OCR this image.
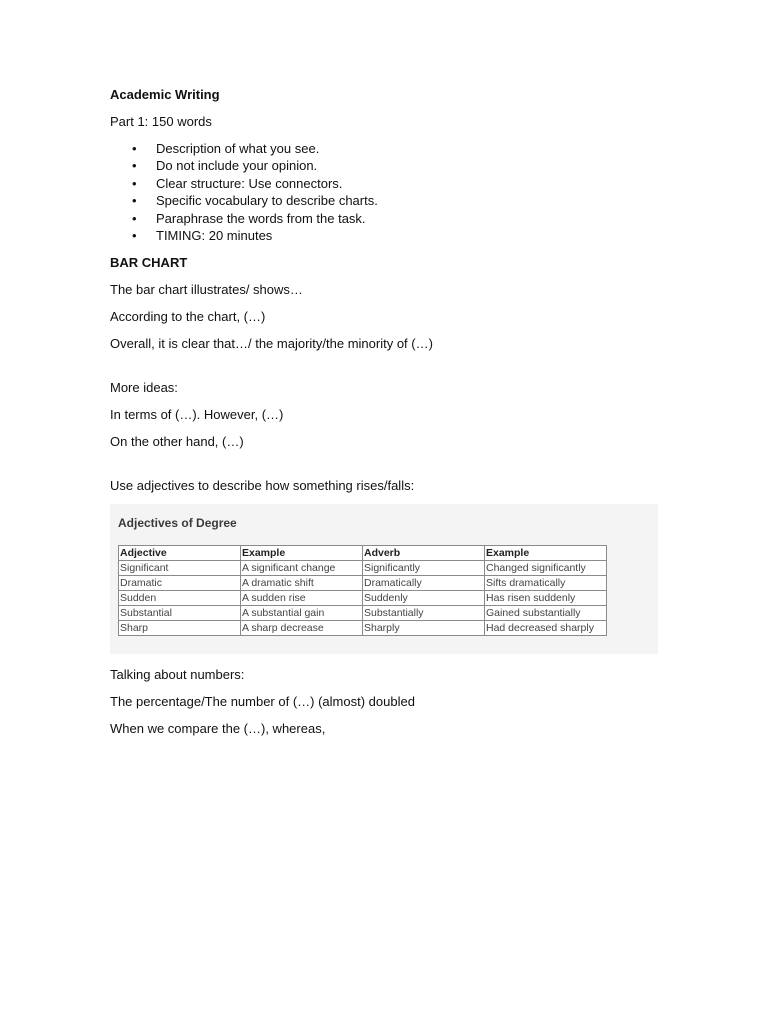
Academic Writing

Part 1: 150 words

• Description of what you see.
• Do not include your opinion.
• Clear structure: Use connectors.
• Specific vocabulary to describe charts.
• Paraphrase the words from the task.
• TIMING: 20 minutes

BAR CHART

The bar chart illustrates/ shows…

According to the chart, (…)

Overall, it is clear that…/ the majority/the minority of (…)

More ideas:

In terms of (…). However, (…)

On the other hand, (…)

Use adjectives to describe how something rises/falls:

Adjectives of Degree
Adjective	Example	Adverb	Example
Significant	A significant change	Significantly	Changed significantly
Dramatic	A dramatic shift	Dramatically	Sifts dramatically
Sudden	A sudden rise	Suddenly	Has risen suddenly
Substantial	A substantial gain	Substantially	Gained substantially
Sharp	A sharp decrease	Sharply	Had decreased sharply

Talking about numbers:

The percentage/The number of (…) (almost) doubled

When we compare the (…), whereas,
